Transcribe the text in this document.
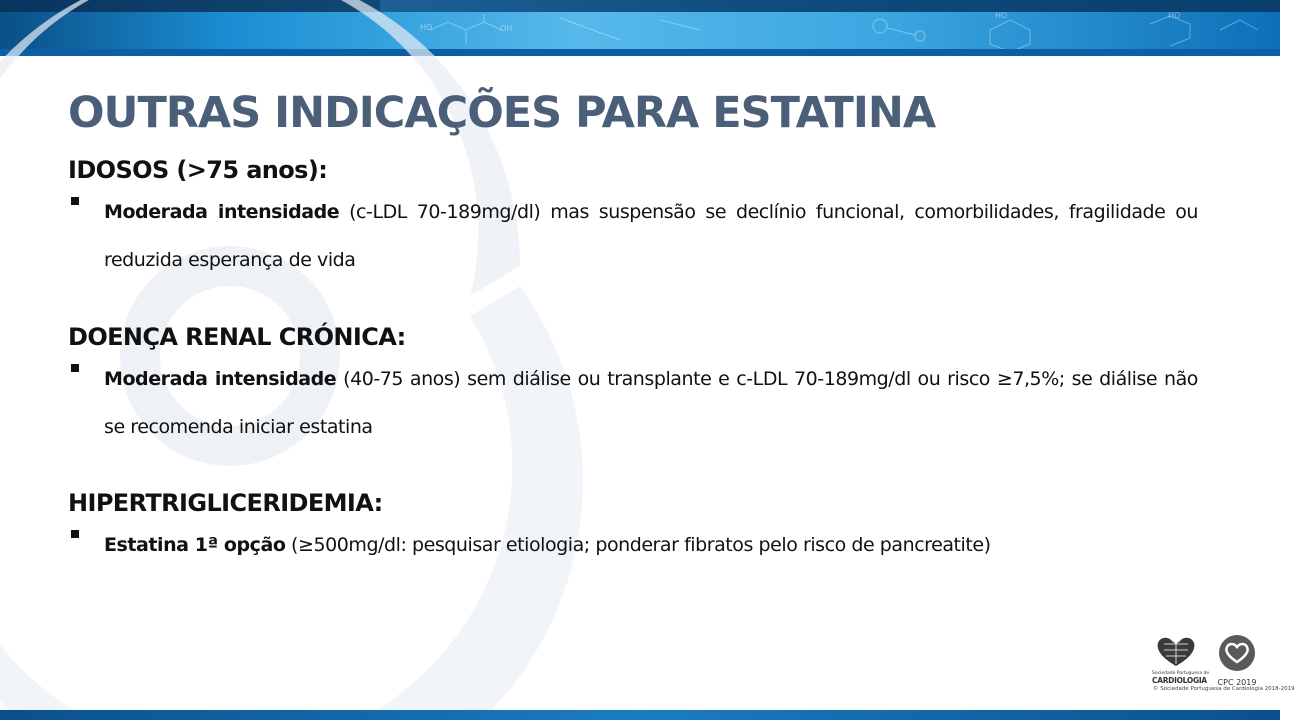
HO	OH
HO	HO
OUTRAS INDICAÇÕES PARA ESTATINA
IDOSOS (>75 anos):
Moderada intensidade (c-LDL 70-189mg/dl) mas suspensão se declínio funcional, comorbilidades, fragilidade ou reduzida esperança de vida
DOENÇA RENAL CRÓNICA:
Moderada intensidade (40-75 anos) sem diálise ou transplante e c-LDL 70-189mg/dl ou risco ≥7,5%; se diálise não se recomenda iniciar estatina
HIPERTRIGLICERIDEMIA:
Estatina 1ª opção (≥500mg/dl: pesquisar etiologia; ponderar fibratos pelo risco de pancreatite)
Sociedade Portuguesa de
CARDIOLOGIA	CPC 2019
© Sociedade Portuguesa de Cardiologia 2018-2019
